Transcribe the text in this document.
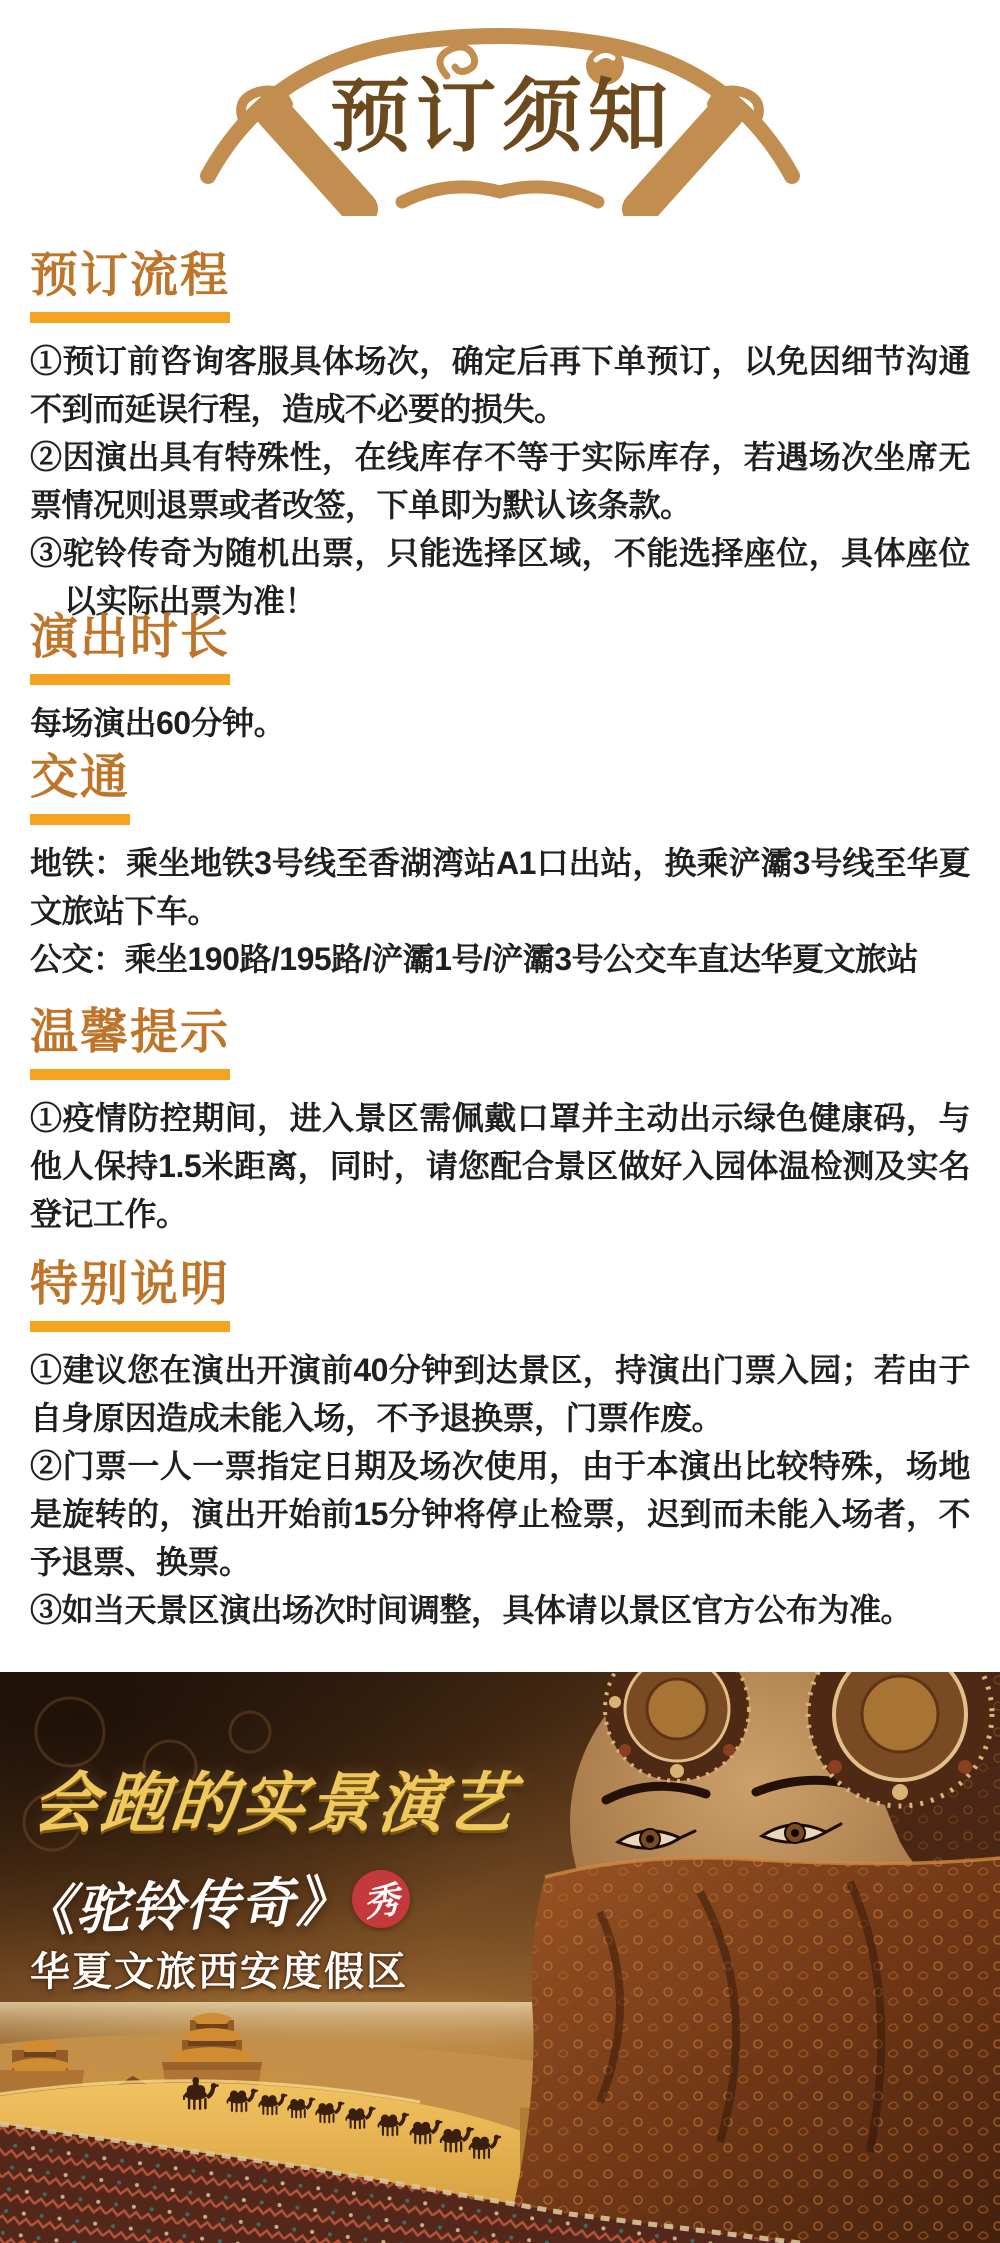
预订须知
预订流程

①预订前咨询客服具体场次，确定后再下单预订，以免因细节沟通不到而延误行程，造成不必要的损失。

②因演出具有特殊性，在线库存不等于实际库存，若遇场次坐席无票情况则退票或者改签，下单即为默认该条款。

③驼铃传奇为随机出票，只能选择区域，不能选择座位，具体座位以实际出票为准！

演出时长

每场演出60分钟。

交通

地铁：乘坐地铁3号线至香湖湾站A1口出站，换乘浐灞3号线至华夏文旅站下车。

公交：乘坐190路/195路/浐灞1号/浐灞3号公交车直达华夏文旅站

温馨提示

①疫情防控期间，进入景区需佩戴口罩并主动出示绿色健康码，与他人保持1.5米距离，同时，请您配合景区做好入园体温检测及实名登记工作。

特别说明

①建议您在演出开演前40分钟到达景区，持演出门票入园；若由于自身原因造成未能入场，不予退换票，门票作废。

②门票一人一票指定日期及场次使用，由于本演出比较特殊，场地是旋转的，演出开始前15分钟将停止检票，迟到而未能入场者，不予退票、换票。

③如当天景区演出场次时间调整，具体请以景区官方公布为准。

会跑的实景演艺
《驼铃传奇》 秀
华夏文旅西安度假区
